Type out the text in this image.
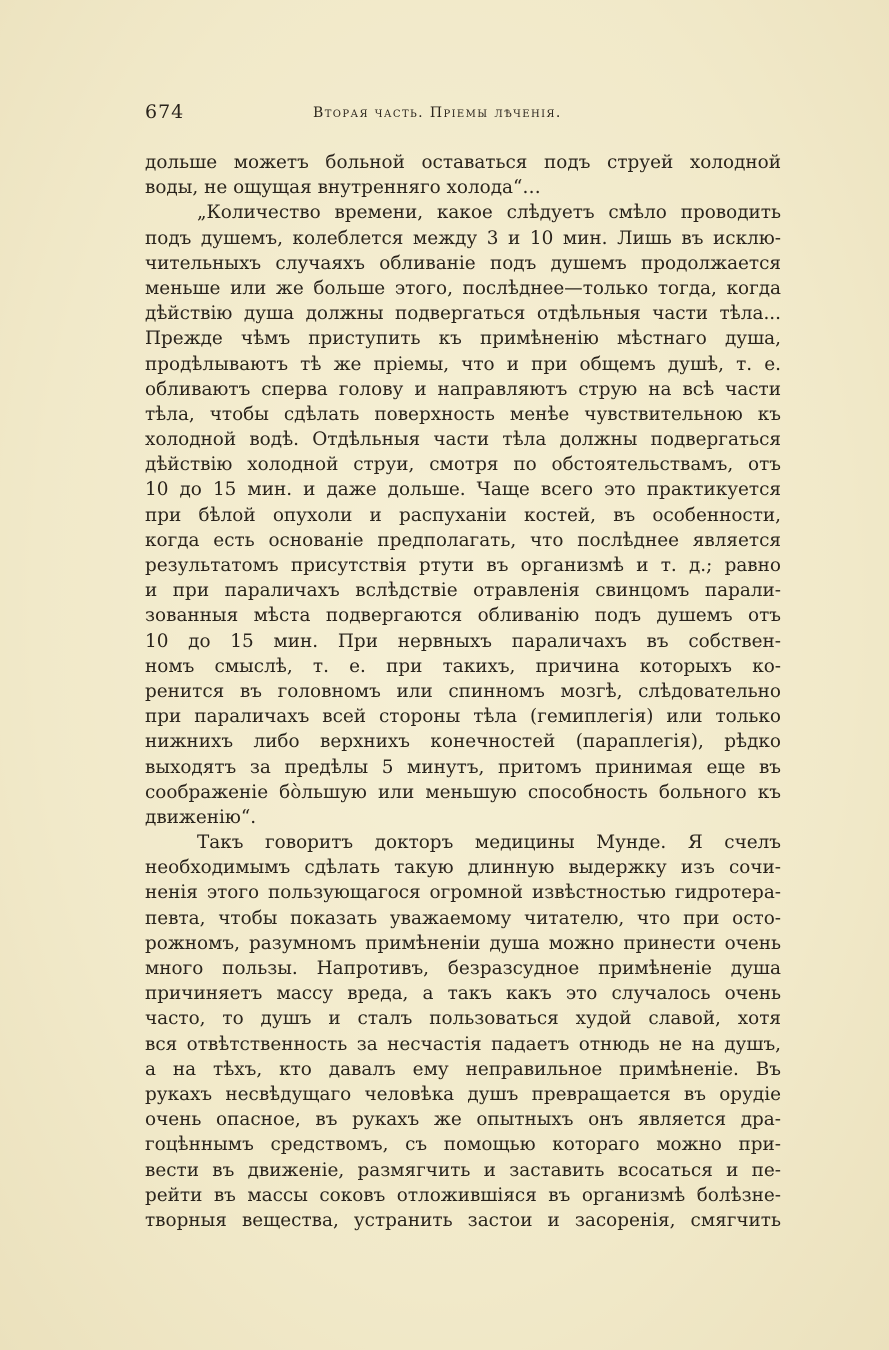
674	Вторая часть. Пріемы лѣченія.
дольше можетъ больной оставаться подъ струей холодной
воды, не ощущая внутренняго холода“…
„Количество времени, какое слѣдуетъ смѣло проводить
подъ душемъ, колеблется между 3 и 10 мин. Лишь въ исклю-
чительныхъ случаяхъ обливаніе подъ душемъ продолжается
меньше или же больше этого, послѣднее—только тогда, когда
дѣйствію душа должны подвергаться отдѣльныя части тѣла...
Прежде чѣмъ приступить къ примѣненію мѣстнаго душа,
продѣлываютъ тѣ же пріемы, что и при общемъ душѣ, т. е.
обливаютъ сперва голову и направляютъ струю на всѣ части
тѣла, чтобы сдѣлать поверхность менѣе чувствительною къ
холодной водѣ. Отдѣльныя части тѣла должны подвергаться
дѣйствію холодной струи, смотря по обстоятельствамъ, отъ
10 до 15 мин. и даже дольше. Чаще всего это практикуется
при бѣлой опухоли и распуханіи костей, въ особенности,
когда есть основаніе предполагать, что послѣднее является
результатомъ присутствія ртути въ организмѣ и т. д.; равно
и при параличахъ вслѣдствіе отравленія свинцомъ парали-
зованныя мѣста подвергаются обливанію подъ душемъ отъ
10 до 15 мин. При нервныхъ параличахъ въ собствен-
номъ смыслѣ, т. е. при такихъ, причина которыхъ ко-
ренится въ головномъ или спинномъ мозгѣ, слѣдовательно
при параличахъ всей стороны тѣла (гемиплегія) или только
нижнихъ либо верхнихъ конечностей (параплегія), рѣдко
выходятъ за предѣлы 5 минутъ, притомъ принимая еще въ
соображеніе бо̀льшую или меньшую способность больного къ
движенію“.
Такъ говоритъ докторъ медицины Мунде. Я счелъ
необходимымъ сдѣлать такую длинную выдержку изъ сочи-
ненія этого пользующагося огромной извѣстностью гидротера-
певта, чтобы показать уважаемому читателю, что при осто-
рожномъ, разумномъ примѣненіи душа можно принести очень
много пользы. Напротивъ, безразсудное примѣненіе душа
причиняетъ массу вреда, а такъ какъ это случалось очень
часто, то душъ и сталъ пользоваться худой славой, хотя
вся отвѣтственность за несчастія падаетъ отнюдь не на душъ,
а на тѣхъ, кто давалъ ему неправильное примѣненіе. Въ
рукахъ несвѣдущаго человѣка душъ превращается въ орудіе
очень опасное, въ рукахъ же опытныхъ онъ является дра-
гоцѣннымъ средствомъ, съ помощью котораго можно при-
вести въ движеніе, размягчить и заставить всосаться и пе-
рейти въ массы соковъ отложившіяся въ организмѣ болѣзне-
творныя вещества, устранить застои и засоренія, смягчить
